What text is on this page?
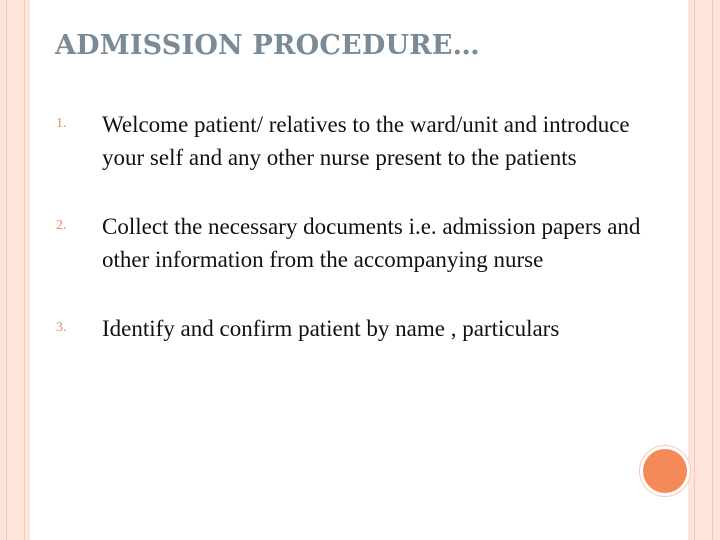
ADMISSION PROCEDURE…
1.	Welcome patient/ relatives to the ward/unit and introduce your self and any other nurse present to the patients
2.	Collect the necessary documents i.e. admission papers and other information from the accompanying nurse
3.	Identify and confirm patient by name , particulars
